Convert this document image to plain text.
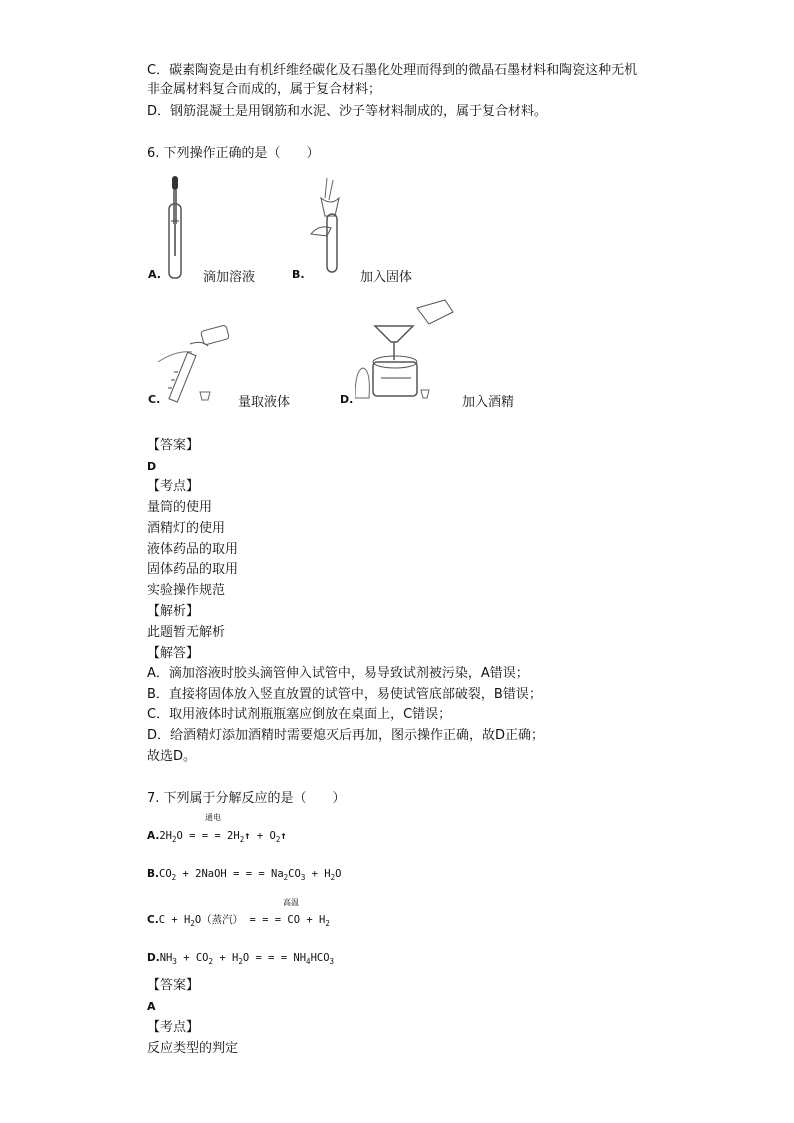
C．碳素陶瓷是由有机纤维经碳化及石墨化处理而得到的微晶石墨材料和陶瓷这种无机
非金属材料复合而成的，属于复合材料；
D．钢筋混凝土是用钢筋和水泥、沙子等材料制成的，属于复合材料。
6. 下列操作正确的是（　　）
A.	滴加溶液	B.	加入固体
C.	量取液体	D.	加入酒精
【答案】
D
【考点】
量筒的使用
酒精灯的使用
液体药品的取用
固体药品的取用
实验操作规范
【解析】
此题暂无解析
【解答】
A．滴加溶液时胶头滴管伸入试管中，易导致试剂被污染，A错误；
B．直接将固体放入竖直放置的试管中，易使试管底部破裂，B错误；
C．取用液体时试剂瓶瓶塞应倒放在桌面上，C错误；
D．给酒精灯添加酒精时需要熄灭后再加，图示操作正确，故D正确；
故选D。
7. 下列属于分解反应的是（　　）
通电
$A.2H_2O$ = = = $2H_2↑$ + $O_2↑$
$B.CO_2$ + 2NaOH = = = $Na_2CO_3 + H_2O$
高温
$C.C + H_2O$（蒸汽） = = = CO + $H_2$
$D.NH_3 + CO_2 + H_2O$ = = = $NH_4HCO_3$
【答案】
A
【考点】
反应类型的判定
